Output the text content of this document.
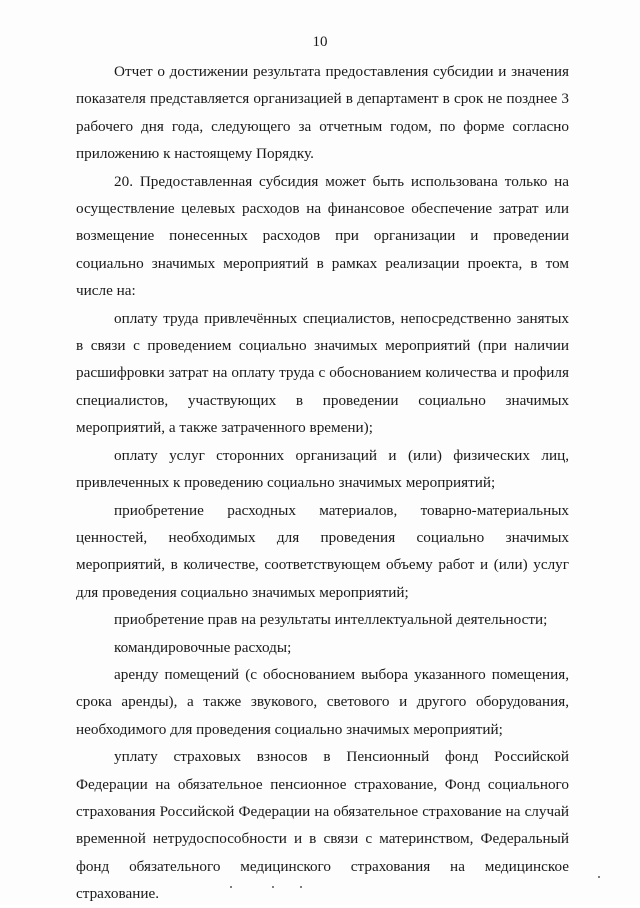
10

Отчет о достижении результата предоставления субсидии и значения показателя представляется организацией в департамент в срок не позднее 3 рабочего дня года, следующего за отчетным годом, по форме согласно приложению к настоящему Порядку.

20. Предоставленная субсидия может быть использована только на осуществление целевых расходов на финансовое обеспечение затрат или возмещение понесенных расходов при организации и проведении социально значимых мероприятий в рамках реализации проекта, в том числе на:

оплату труда привлечённых специалистов, непосредственно занятых в связи с проведением социально значимых мероприятий (при наличии расшифровки затрат на оплату труда с обоснованием количества и профиля специалистов, участвующих в проведении социально значимых мероприятий, а также затраченного времени);

оплату услуг сторонних организаций и (или) физических лиц, привлеченных к проведению социально значимых мероприятий;

приобретение расходных материалов, товарно-материальных ценностей, необходимых для проведения социально значимых мероприятий, в количестве, соответствующем объему работ и (или) услуг для проведения социально значимых мероприятий;

приобретение прав на результаты интеллектуальной деятельности;

командировочные расходы;

аренду помещений (с обоснованием выбора указанного помещения, срока аренды), а также звукового, светового и другого оборудования, необходимого для проведения социально значимых мероприятий;

уплату страховых взносов в Пенсионный фонд Российской Федерации на обязательное пенсионное страхование, Фонд социального страхования Российской Федерации на обязательное страхование на случай временной нетрудоспособности и в связи с материнством, Федеральный фонд обязательного медицинского страхования на медицинское страхование.
